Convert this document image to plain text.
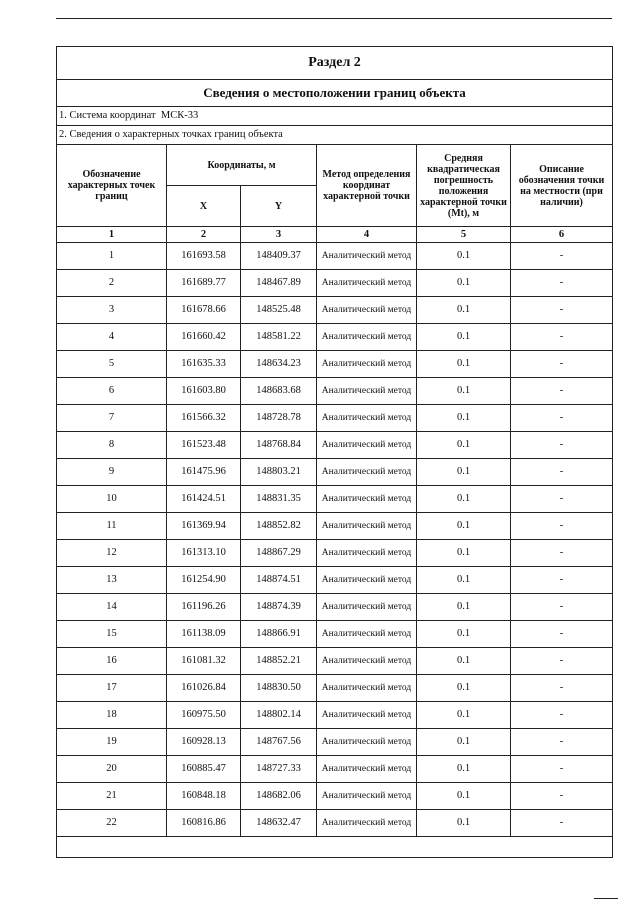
Раздел 2					
Сведения о местоположении границ объекта					
1. Система координат МСК-33					
2. Сведения о характерных точках границ объекта					
Обозначение характерных точек границ	Координаты, м		Метод определения координат характерной точки	Средняя квадратическая погрешность положения характерной точки (Mt), м	Описание обозначения точки на местности (при наличии)
	X	Y			
1	2	3	4	5	6
1	161693.58	148409.37	Аналитический метод	0.1	-
2	161689.77	148467.89	Аналитический метод	0.1	-
3	161678.66	148525.48	Аналитический метод	0.1	-
4	161660.42	148581.22	Аналитический метод	0.1	-
5	161635.33	148634.23	Аналитический метод	0.1	-
6	161603.80	148683.68	Аналитический метод	0.1	-
7	161566.32	148728.78	Аналитический метод	0.1	-
8	161523.48	148768.84	Аналитический метод	0.1	-
9	161475.96	148803.21	Аналитический метод	0.1	-
10	161424.51	148831.35	Аналитический метод	0.1	-
11	161369.94	148852.82	Аналитический метод	0.1	-
12	161313.10	148867.29	Аналитический метод	0.1	-
13	161254.90	148874.51	Аналитический метод	0.1	-
14	161196.26	148874.39	Аналитический метод	0.1	-
15	161138.09	148866.91	Аналитический метод	0.1	-
16	161081.32	148852.21	Аналитический метод	0.1	-
17	161026.84	148830.50	Аналитический метод	0.1	-
18	160975.50	148802.14	Аналитический метод	0.1	-
19	160928.13	148767.56	Аналитический метод	0.1	-
20	160885.47	148727.33	Аналитический метод	0.1	-
21	160848.18	148682.06	Аналитический метод	0.1	-
22	160816.86	148632.47	Аналитический метод	0.1	-
